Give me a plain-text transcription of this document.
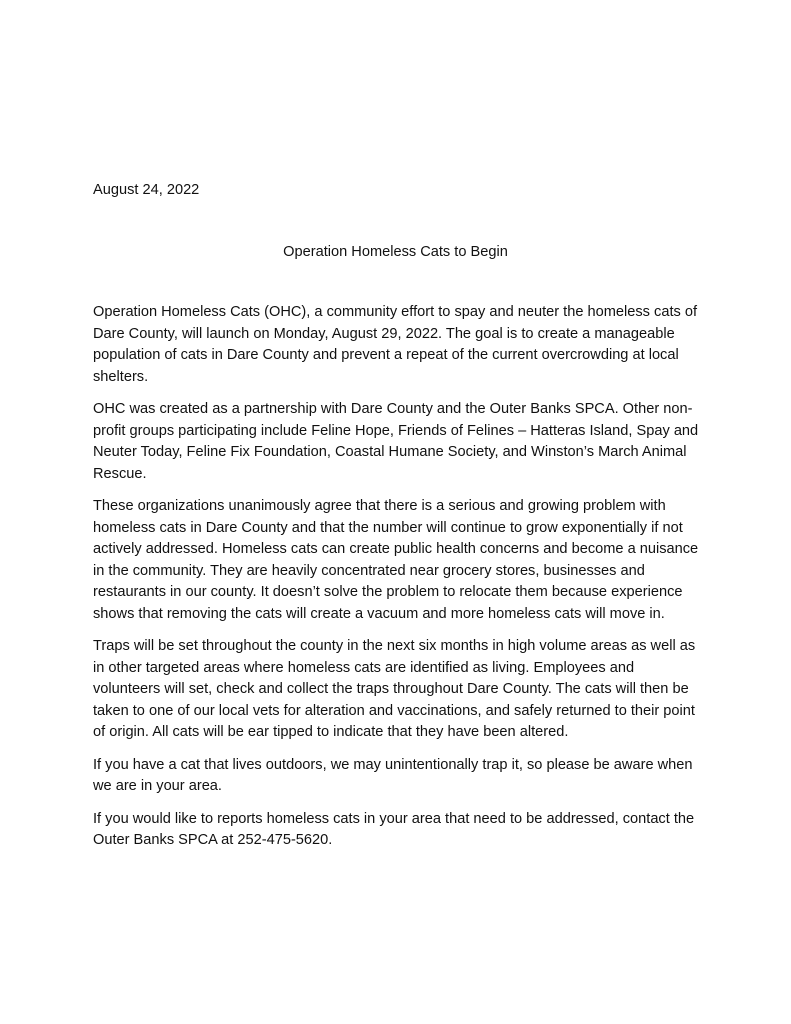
August 24, 2022

Operation Homeless Cats to Begin

Operation Homeless Cats (OHC), a community effort to spay and neuter the homeless cats of Dare County, will launch on Monday, August 29, 2022. The goal is to create a manageable population of cats in Dare County and prevent a repeat of the current overcrowding at local shelters.

OHC was created as a partnership with Dare County and the Outer Banks SPCA. Other non-profit groups participating include Feline Hope, Friends of Felines – Hatteras Island, Spay and Neuter Today, Feline Fix Foundation, Coastal Humane Society, and Winston’s March Animal Rescue.

These organizations unanimously agree that there is a serious and growing problem with homeless cats in Dare County and that the number will continue to grow exponentially if not actively addressed. Homeless cats can create public health concerns and become a nuisance in the community. They are heavily concentrated near grocery stores, businesses and restaurants in our county. It doesn’t solve the problem to relocate them because experience shows that removing the cats will create a vacuum and more homeless cats will move in.

Traps will be set throughout the county in the next six months in high volume areas as well as in other targeted areas where homeless cats are identified as living. Employees and volunteers will set, check and collect the traps throughout Dare County. The cats will then be taken to one of our local vets for alteration and vaccinations, and safely returned to their point of origin. All cats will be ear tipped to indicate that they have been altered.

If you have a cat that lives outdoors, we may unintentionally trap it, so please be aware when we are in your area.

If you would like to reports homeless cats in your area that need to be addressed, contact the Outer Banks SPCA at 252-475-5620.
